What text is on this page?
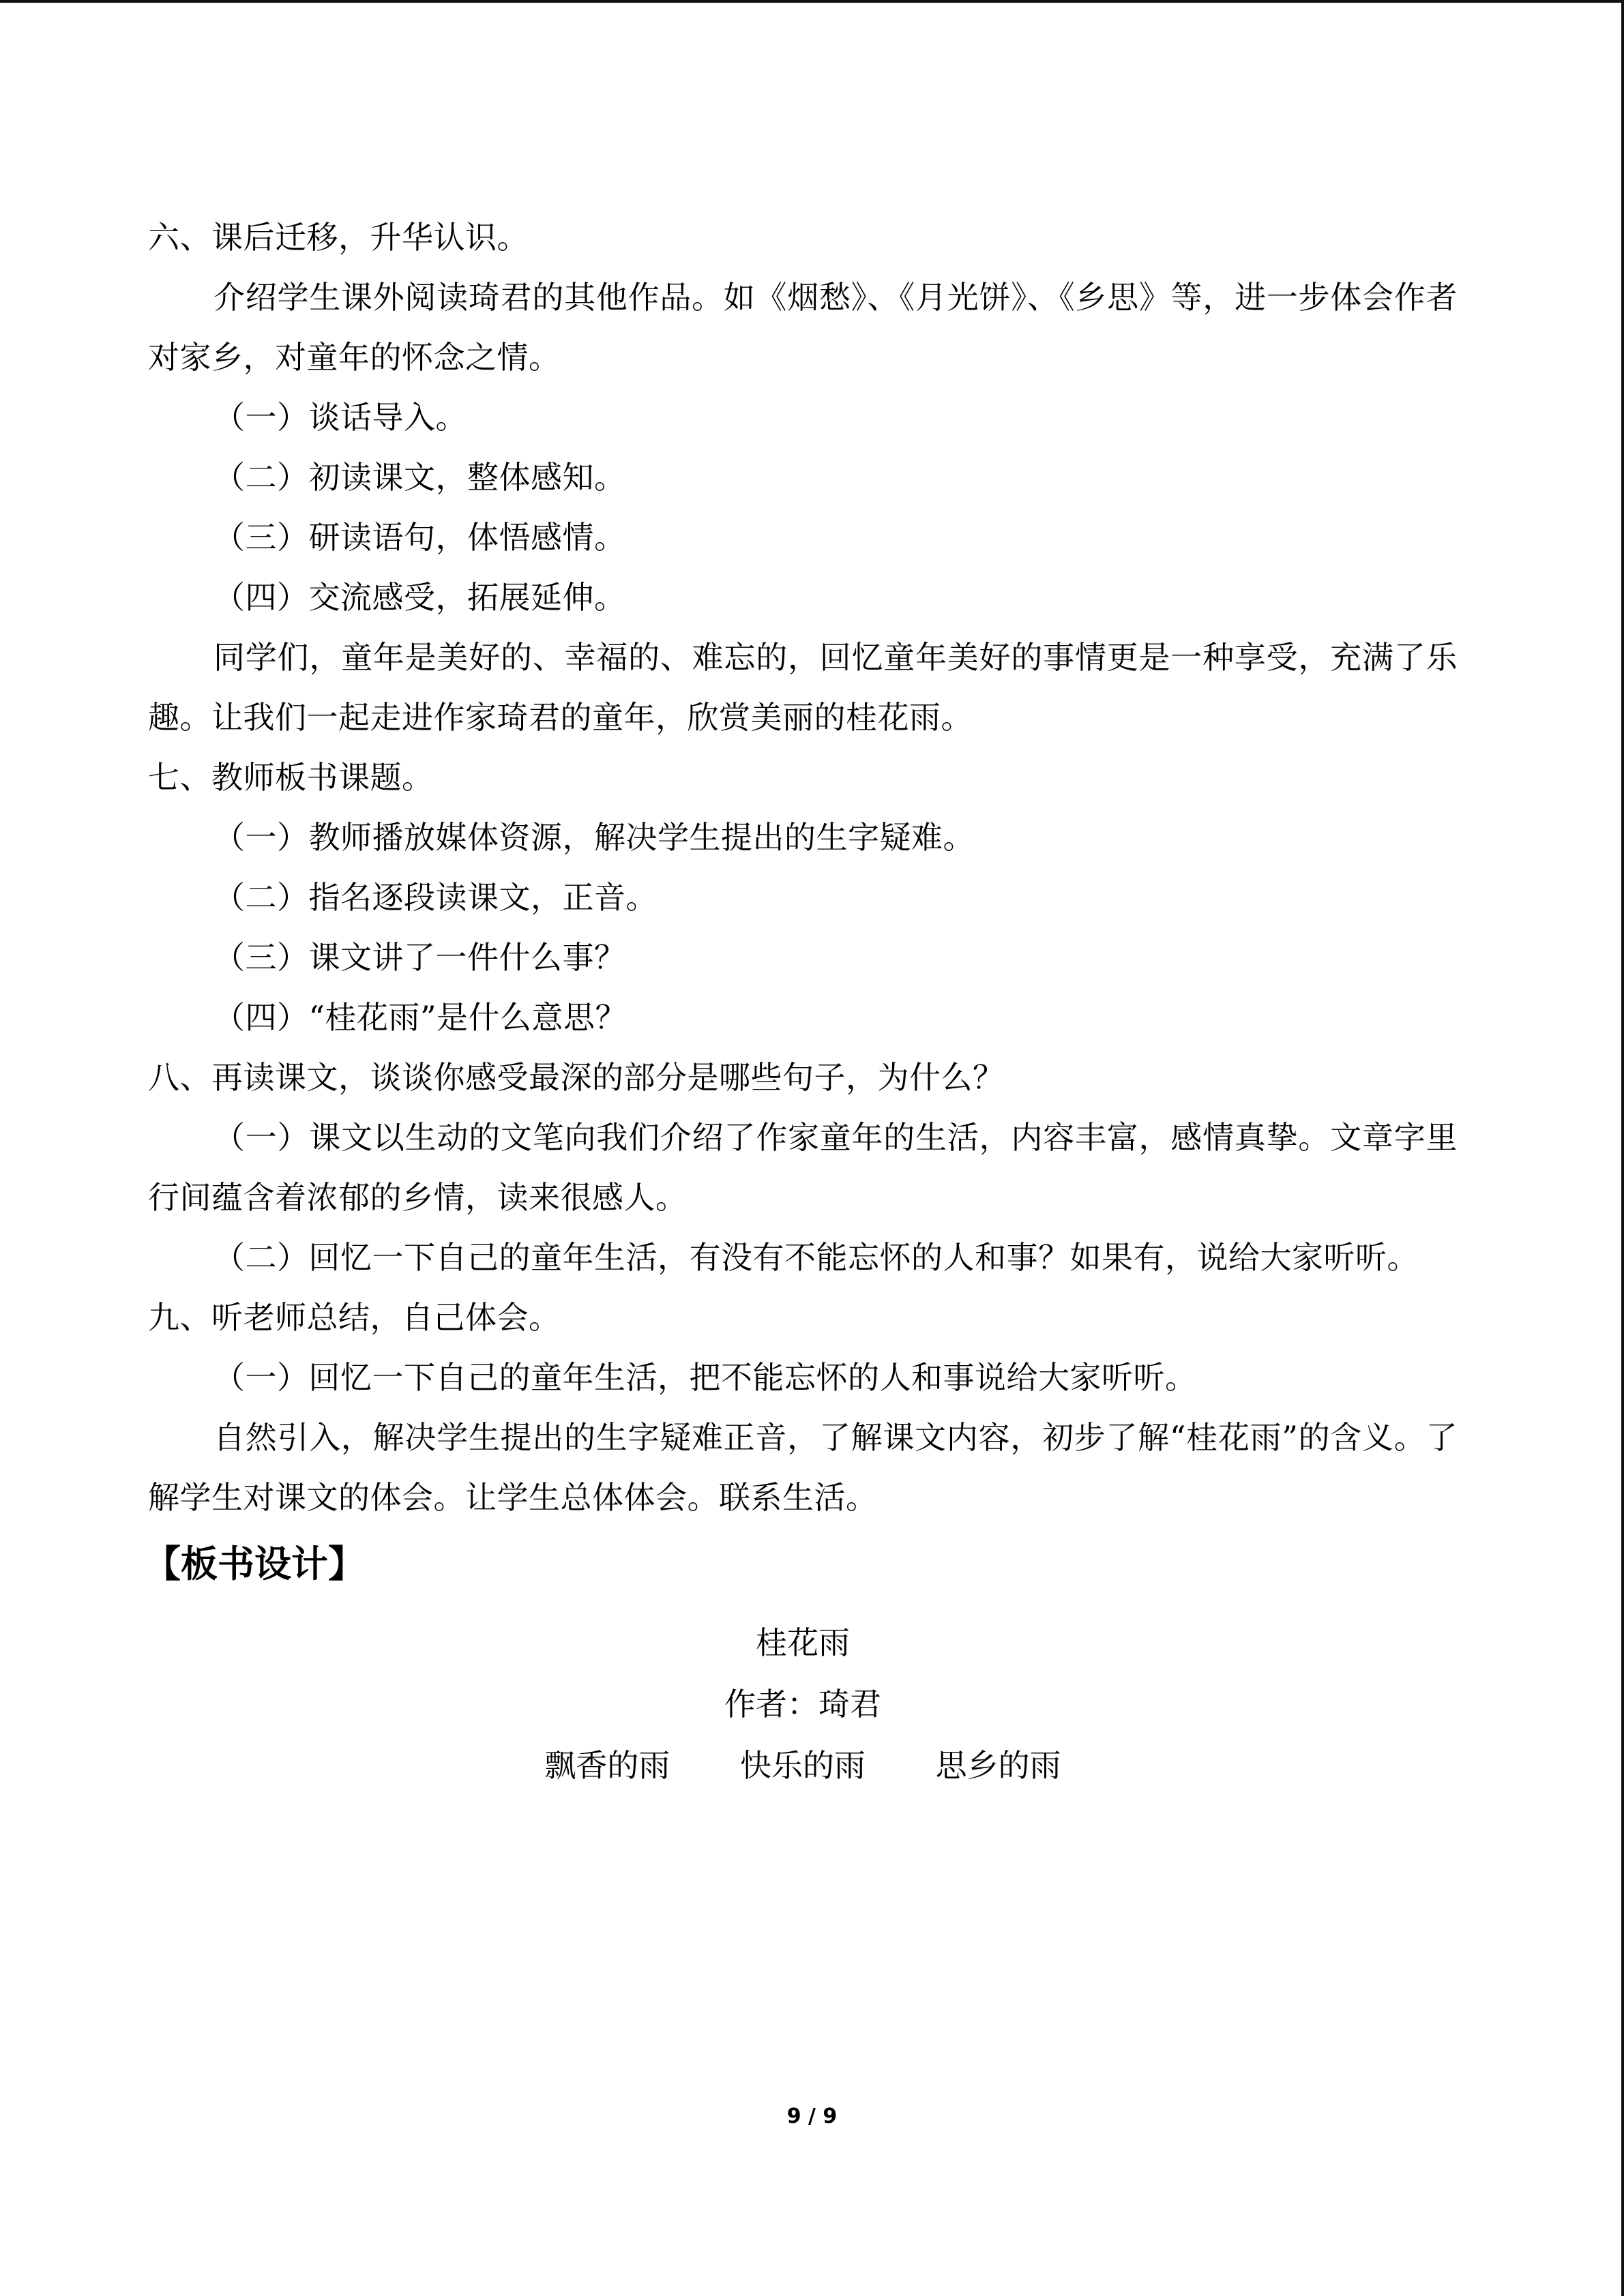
六、课后迁移，升华认识。
介绍学生课外阅读琦君的其他作品。如《烟愁》、《月光饼》、《乡思》等，进一步体会作者对家乡，对童年的怀念之情。
（一）谈话导入。
（二）初读课文，整体感知。
（三）研读语句，体悟感情。
（四）交流感受，拓展延伸。
同学们，童年是美好的、幸福的、难忘的，回忆童年美好的事情更是一种享受，充满了乐趣。让我们一起走进作家琦君的童年，欣赏美丽的桂花雨。
七、教师板书课题。
（一）教师播放媒体资源，解决学生提出的生字疑难。
（二）指名逐段读课文，正音。
（三）课文讲了一件什么事？
（四）“桂花雨”是什么意思？
八、再读课文，谈谈你感受最深的部分是哪些句子，为什么？
（一）课文以生动的文笔向我们介绍了作家童年的生活，内容丰富，感情真挚。文章字里行间蕴含着浓郁的乡情，读来很感人。
（二）回忆一下自己的童年生活，有没有不能忘怀的人和事？如果有，说给大家听听。
九、听老师总结，自己体会。
（一）回忆一下自己的童年生活，把不能忘怀的人和事说给大家听听。
自然引入，解决学生提出的生字疑难正音，了解课文内容，初步了解“桂花雨”的含义。了解学生对课文的体会。让学生总体体会。联系生活。
【板书设计】
桂花雨
作者：琦君
飘香的雨 快乐的雨 思乡的雨
9 / 9
